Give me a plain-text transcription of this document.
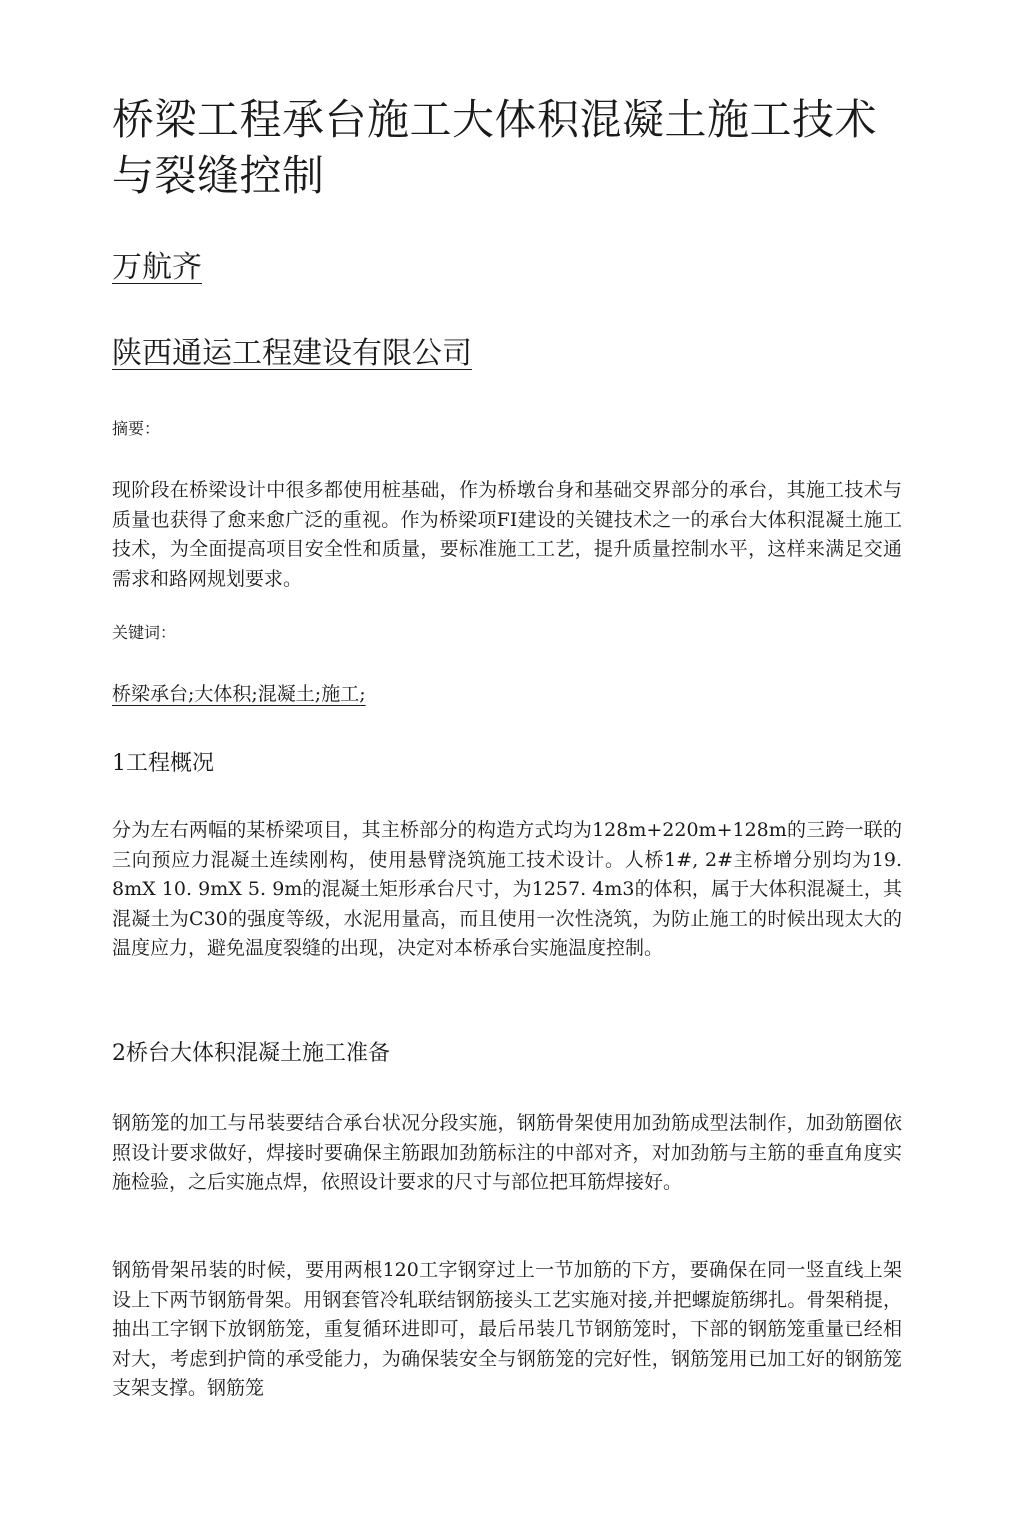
桥梁工程承台施工大体积混凝土施工技术与裂缝控制
万航齐
陕西通运工程建设有限公司
摘要：

现阶段在桥梁设计中很多都使用桩基础，作为桥墩台身和基础交界部分的承台，其施工技术与质量也获得了愈来愈广泛的重视。作为桥梁项FI建设的关键技术之一的承台大体积混凝土施工技术，为全面提高项目安全性和质量，要标准施工工艺，提升质量控制水平，这样来满足交通需求和路网规划要求。

关键词：

桥梁承台;大体积;混凝土;施工;

1工程概况

分为左右两幅的某桥梁项目，其主桥部分的构造方式均为128m+220m+128m的三跨一联的三向预应力混凝土连续刚构，使用悬臂浇筑施工技术设计。人桥1#, 2#主桥增分别均为19. 8mX 10. 9mX 5. 9m的混凝土矩形承台尺寸，为1257. 4m3的体积，属于大体积混凝土，其混凝土为C30的强度等级，水泥用量高，而且使用一次性浇筑，为防止施工的时候出现太大的温度应力，避免温度裂缝的出现，决定对本桥承台实施温度控制。

2桥台大体积混凝土施工准备

钢筋笼的加工与吊装要结合承台状况分段实施，钢筋骨架使用加劲筋成型法制作，加劲筋圈依照设计要求做好，焊接时要确保主筋跟加劲筋标注的中部对齐，对加劲筋与主筋的垂直角度实施检验，之后实施点焊，依照设计要求的尺寸与部位把耳筋焊接好。

钢筋骨架吊装的时候，要用两根120工字钢穿过上一节加筋的下方，要确保在同一竖直线上架设上下两节钢筋骨架。用钢套管冷轧联结钢筋接头工艺实施对接,并把螺旋筋绑扎。骨架稍提，抽出工字钢下放钢筋笼，重复循环进即可，最后吊装几节钢筋笼时，下部的钢筋笼重量已经相对大，考虑到护筒的承受能力，为确保装安全与钢筋笼的完好性，钢筋笼用已加工好的钢筋笼支架支撑。钢筋笼
